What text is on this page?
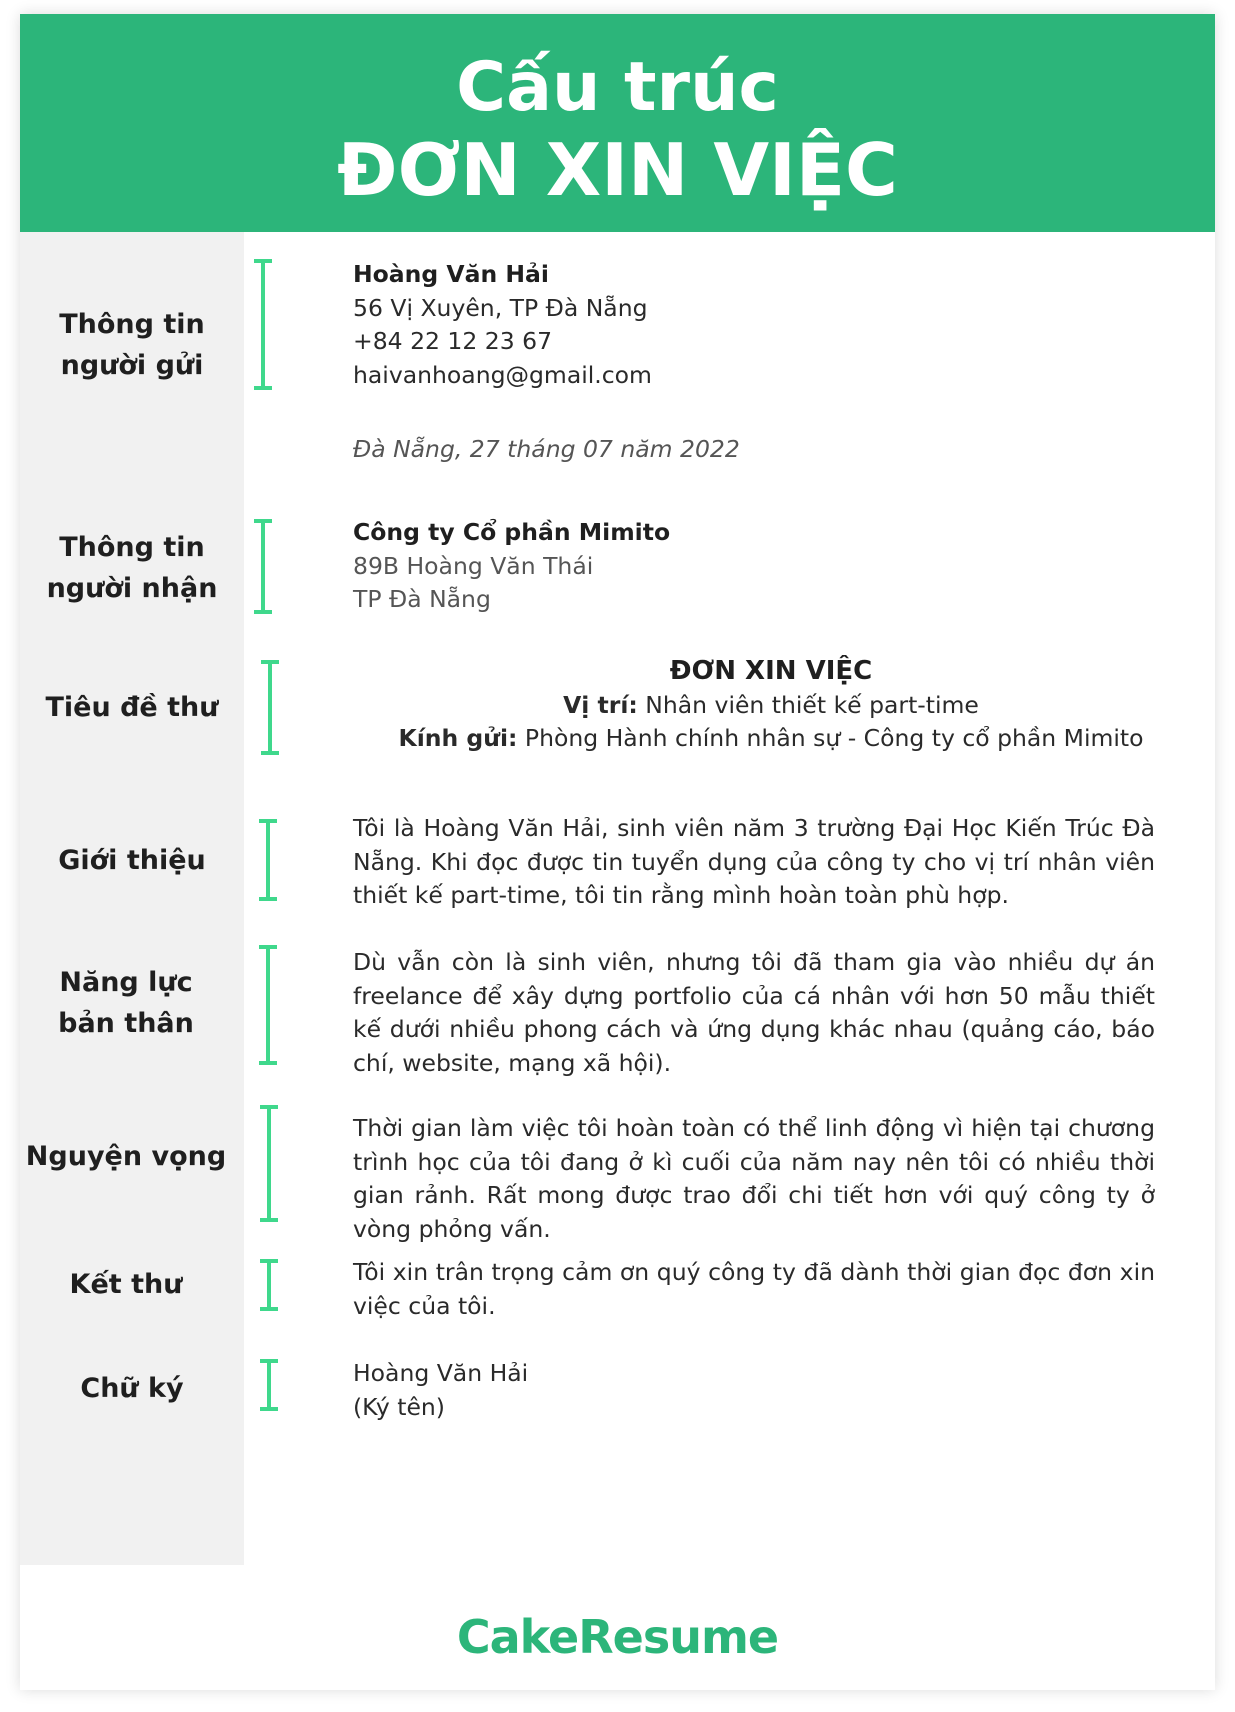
Cấu trúc
ĐƠN XIN VIỆC
Thông tin
người gửi
Hoàng Văn Hải
56 Vị Xuyên, TP Đà Nẵng
+84 22 12 23 67
haivanhoang@gmail.com
Đà Nẵng, 27 tháng 07 năm 2022
Thông tin
người nhận
Công ty Cổ phần Mimito
89B Hoàng Văn Thái
TP Đà Nẵng
Tiêu đề thư
ĐƠN XIN VIỆC
Vị trí: Nhân viên thiết kế part-time
Kính gửi: Phòng Hành chính nhân sự - Công ty cổ phần Mimito
Giới thiệu
Tôi là Hoàng Văn Hải, sinh viên năm 3 trường Đại Học Kiến Trúc Đà Nẵng. Khi đọc được tin tuyển dụng của công ty cho vị trí nhân viên thiết kế part-time, tôi tin rằng mình hoàn toàn phù hợp.
Năng lực
bản thân
Dù vẫn còn là sinh viên, nhưng tôi đã tham gia vào nhiều dự án freelance để xây dựng portfolio của cá nhân với hơn 50 mẫu thiết kế dưới nhiều phong cách và ứng dụng khác nhau (quảng cáo, báo chí, website, mạng xã hội).
Nguyện vọng
Thời gian làm việc tôi hoàn toàn có thể linh động vì hiện tại chương trình học của tôi đang ở kì cuối của năm nay nên tôi có nhiều thời gian rảnh. Rất mong được trao đổi chi tiết hơn với quý công ty ở vòng phỏng vấn.
Kết thư	Tôi xin trân trọng cảm ơn quý công ty đã dành thời gian đọc đơn xin việc của tôi.
Chữ ký	Hoàng Văn Hải
(Ký tên)
CakeResume
